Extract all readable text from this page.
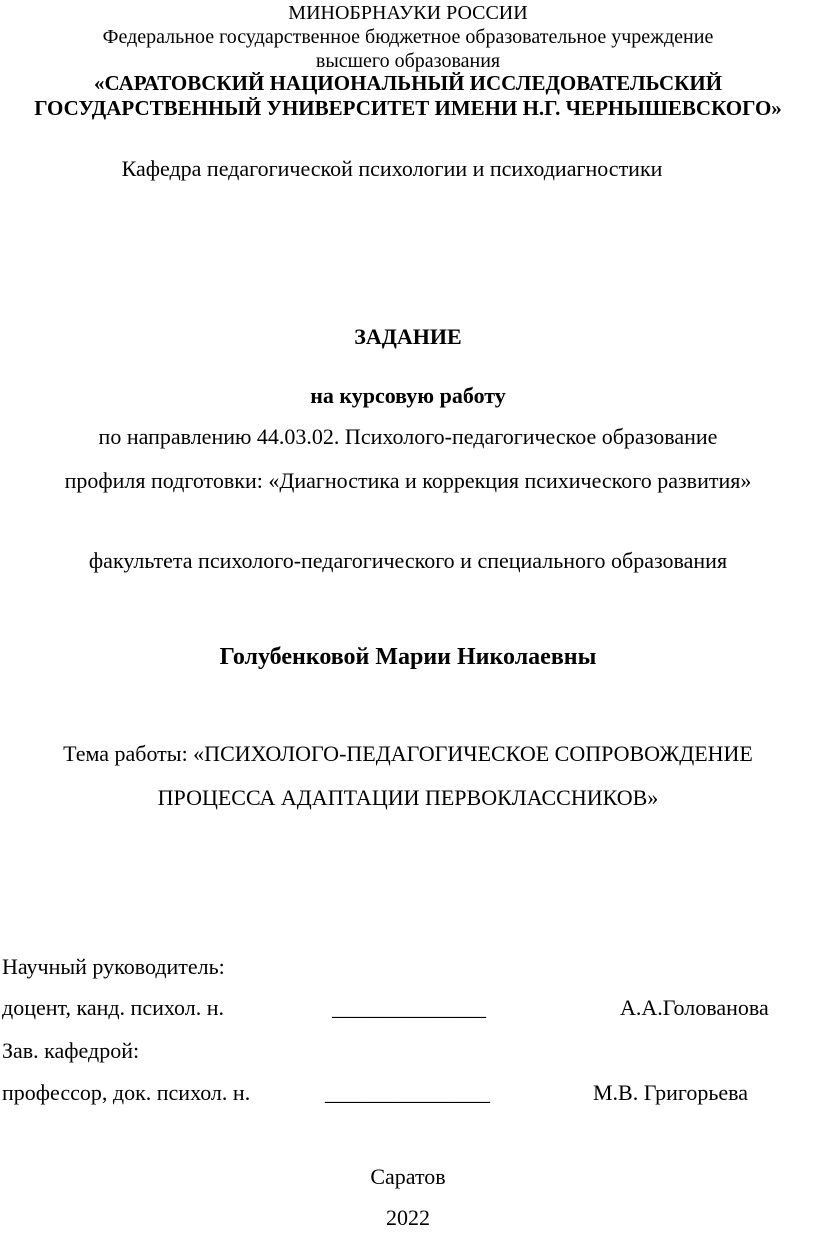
МИНОБРНАУКИ РОССИИ
Федеральное государственное бюджетное образовательное учреждение
высшего образования
«САРАТОВСКИЙ НАЦИОНАЛЬНЫЙ ИССЛЕДОВАТЕЛЬСКИЙ
ГОСУДАРСТВЕННЫЙ УНИВЕРСИТЕТ ИМЕНИ Н.Г. ЧЕРНЫШЕВСКОГО»
Кафедра педагогической психологии и психодиагностики
ЗАДАНИЕ
на курсовую работу
по направлению 44.03.02. Психолого-педагогическое образование
профиля подготовки: «Диагностика и коррекция психического развития»
факультета психолого-педагогического и специального образования
Голубенковой Марии Николаевны
Тема работы: «ПСИХОЛОГО-ПЕДАГОГИЧЕСКОЕ СОПРОВОЖДЕНИЕ
ПРОЦЕССА АДАПТАЦИИ ПЕРВОКЛАССНИКОВ»
Научный руководитель:
доцент, канд. психол. н.	______________	А.А.Голованова
Зав. кафедрой:
профессор, док. психол. н.	_______________	М.В. Григорьева
Саратов
2022
